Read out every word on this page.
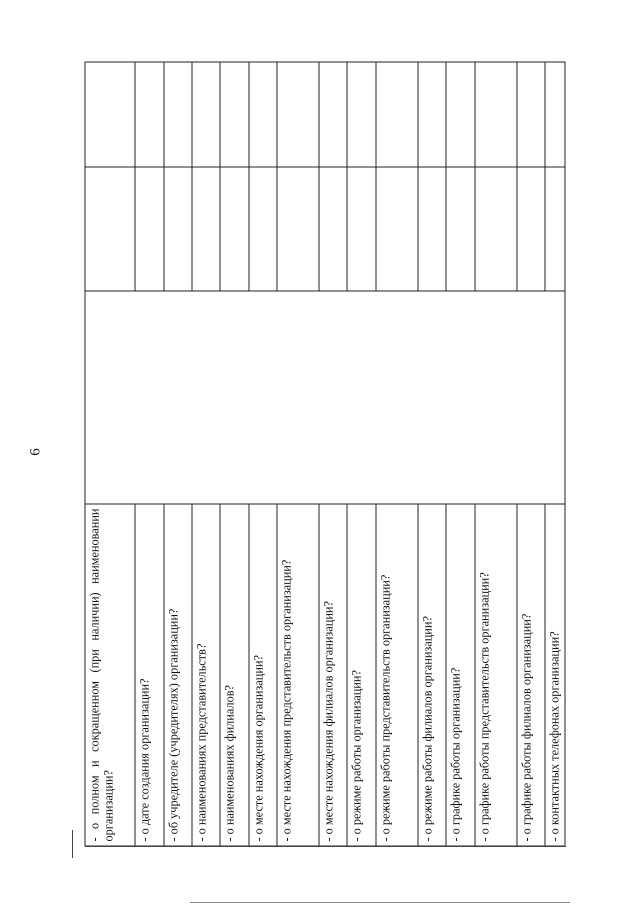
6
- о полном и сокращенном (при наличии) наименовании организации?			
- о дате создания организации?			
- об учредителе (учредителях) организации?			
- о наименованиях представительств?			
- о наименованиях филиалов?			
- о месте нахождения организации?			
- о месте нахождения представительств организации?			
- о месте нахождения филиалов организации?			
- о режиме работы организации?			
- о режиме работы представительств организации?			
- о режиме работы филиалов организации?			
- о графике работы организации?			
- о графике работы представительств организации?			
- о графике работы филиалов организации?			
- о контактных телефонах организации?			
